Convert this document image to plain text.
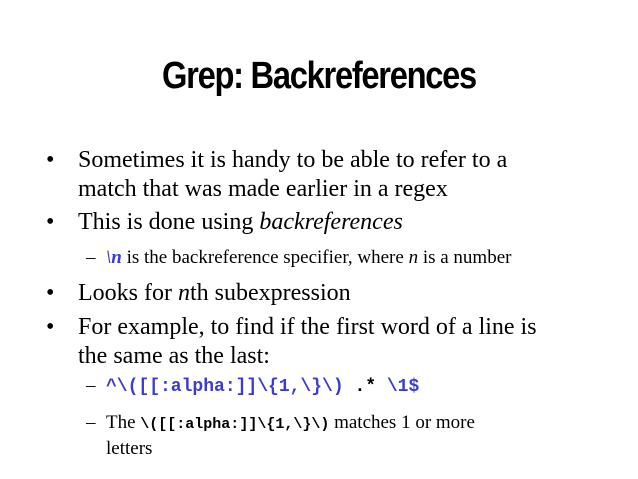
Grep: Backreferences
• Sometimes it is handy to be able to refer to a
match that was made earlier in a regex
• This is done using backreferences
– \n is the backreference specifier, where n is a number
• Looks for nth subexpression
• For example, to find if the first word of a line is
the same as the last:
– ^\([[:alpha:]]\{1,\}\) .* \1$
– The \([[:alpha:]]\{1,\}\) matches 1 or more
letters
